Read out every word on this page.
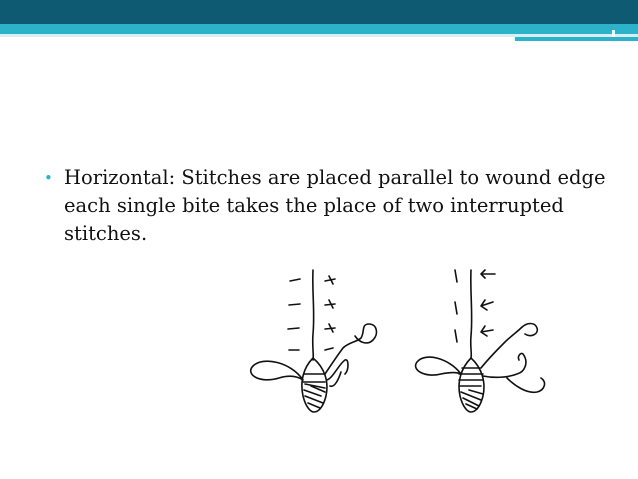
• Horizontal: Stitches are placed parallel to wound edge each single bite takes the place of two interrupted stitches.
